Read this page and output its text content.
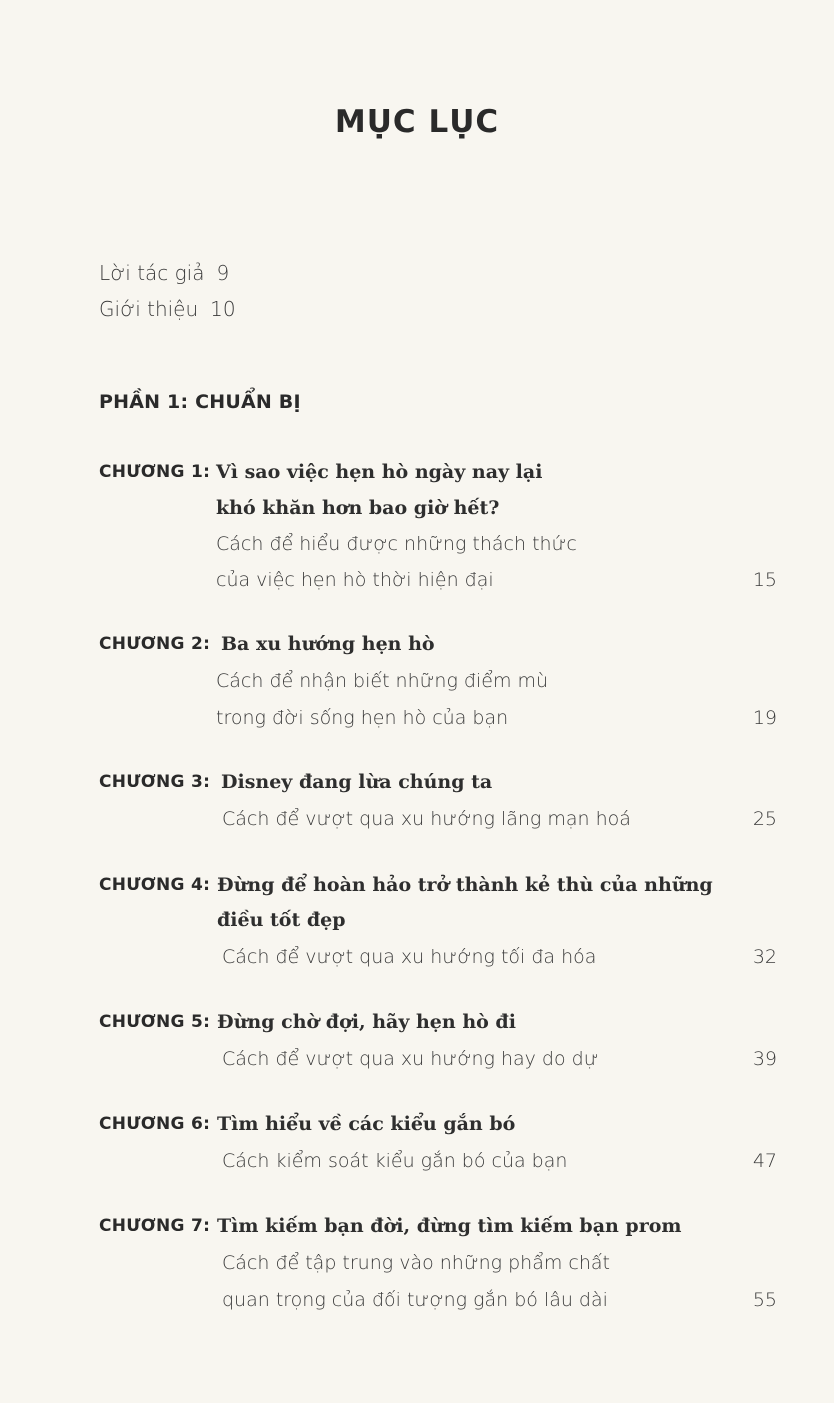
MỤC LỤC
Lời tác giả 9
Giới thiệu 10
PHẦN 1: CHUẨN BỊ
CHƯƠNG 1: Vì sao việc hẹn hò ngày nay lại
khó khăn hơn bao giờ hết?
Cách để hiểu được những thách thức
của việc hẹn hò thời hiện đại	15
CHƯƠNG 2: Ba xu hướng hẹn hò
Cách để nhận biết những điểm mù
trong đời sống hẹn hò của bạn	19
CHƯƠNG 3: Disney đang lừa chúng ta
Cách để vượt qua xu hướng lãng mạn hoá	25
CHƯƠNG 4: Đừng để hoàn hảo trở thành kẻ thù của những
điều tốt đẹp
Cách để vượt qua xu hướng tối đa hóa	32
CHƯƠNG 5: Đừng chờ đợi, hãy hẹn hò đi
Cách để vượt qua xu hướng hay do dự	39
CHƯƠNG 6: Tìm hiểu về các kiểu gắn bó
Cách kiểm soát kiểu gắn bó của bạn	47
CHƯƠNG 7: Tìm kiếm bạn đời, đừng tìm kiếm bạn prom
Cách để tập trung vào những phẩm chất
quan trọng của đối tượng gắn bó lâu dài	55
